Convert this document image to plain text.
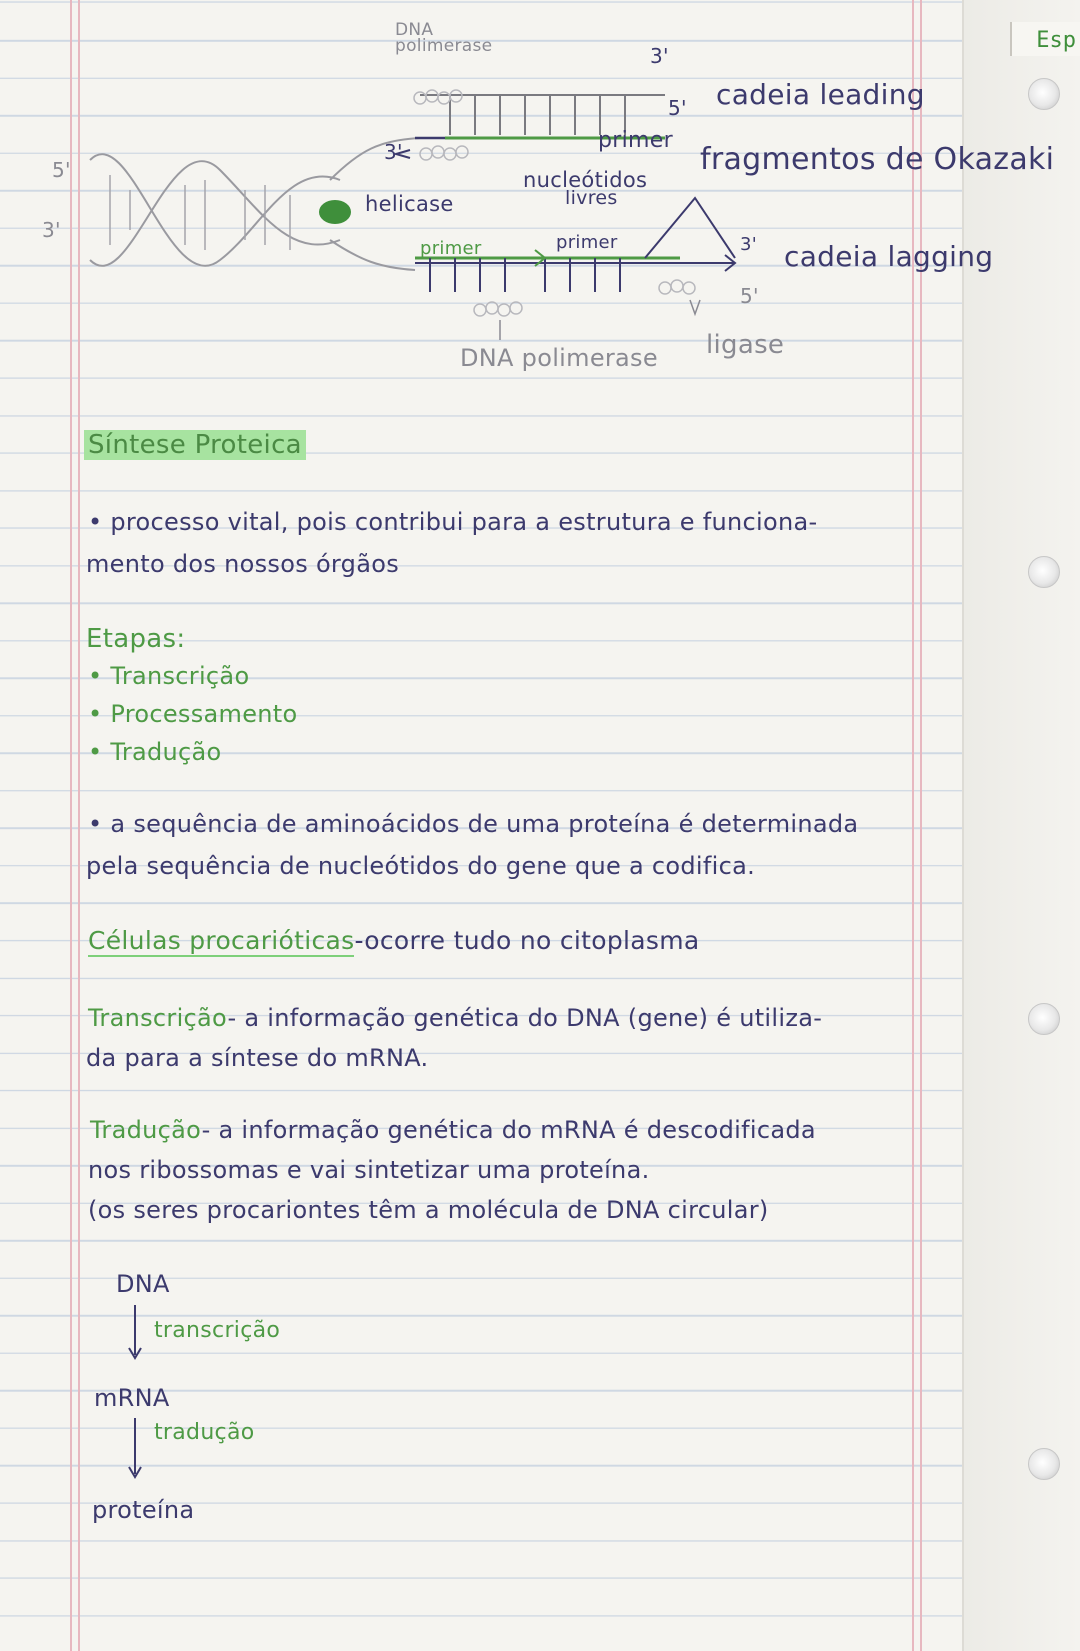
Esp
DNA polimerase	3'
5' cadeia leading
primer
3'
5'
3'
helicase
nucleótidos
livres
fragmentos de Okazaki
primer	primer	3'
5'
cadeia lagging
DNA polimerase ligase
Síntese Proteica
• processo vital, pois contribui para a estrutura e funciona-
mento dos nossos órgãos
Etapas:
• Transcrição
• Processamento
• Tradução
• a sequência de aminoácidos de uma proteína é determinada
pela sequência de nucleótidos do gene que a codifica.
Células procarióticas-ocorre tudo no citoplasma
Transcrição- a informação genética do DNA (gene) é utiliza-
da para a síntese do mRNA.
Tradução- a informação genética do mRNA é descodificada
nos ribossomas e vai sintetizar uma proteína.
(os seres procariontes têm a molécula de DNA circular)
DNA
transcrição
mRNA
tradução
proteína
